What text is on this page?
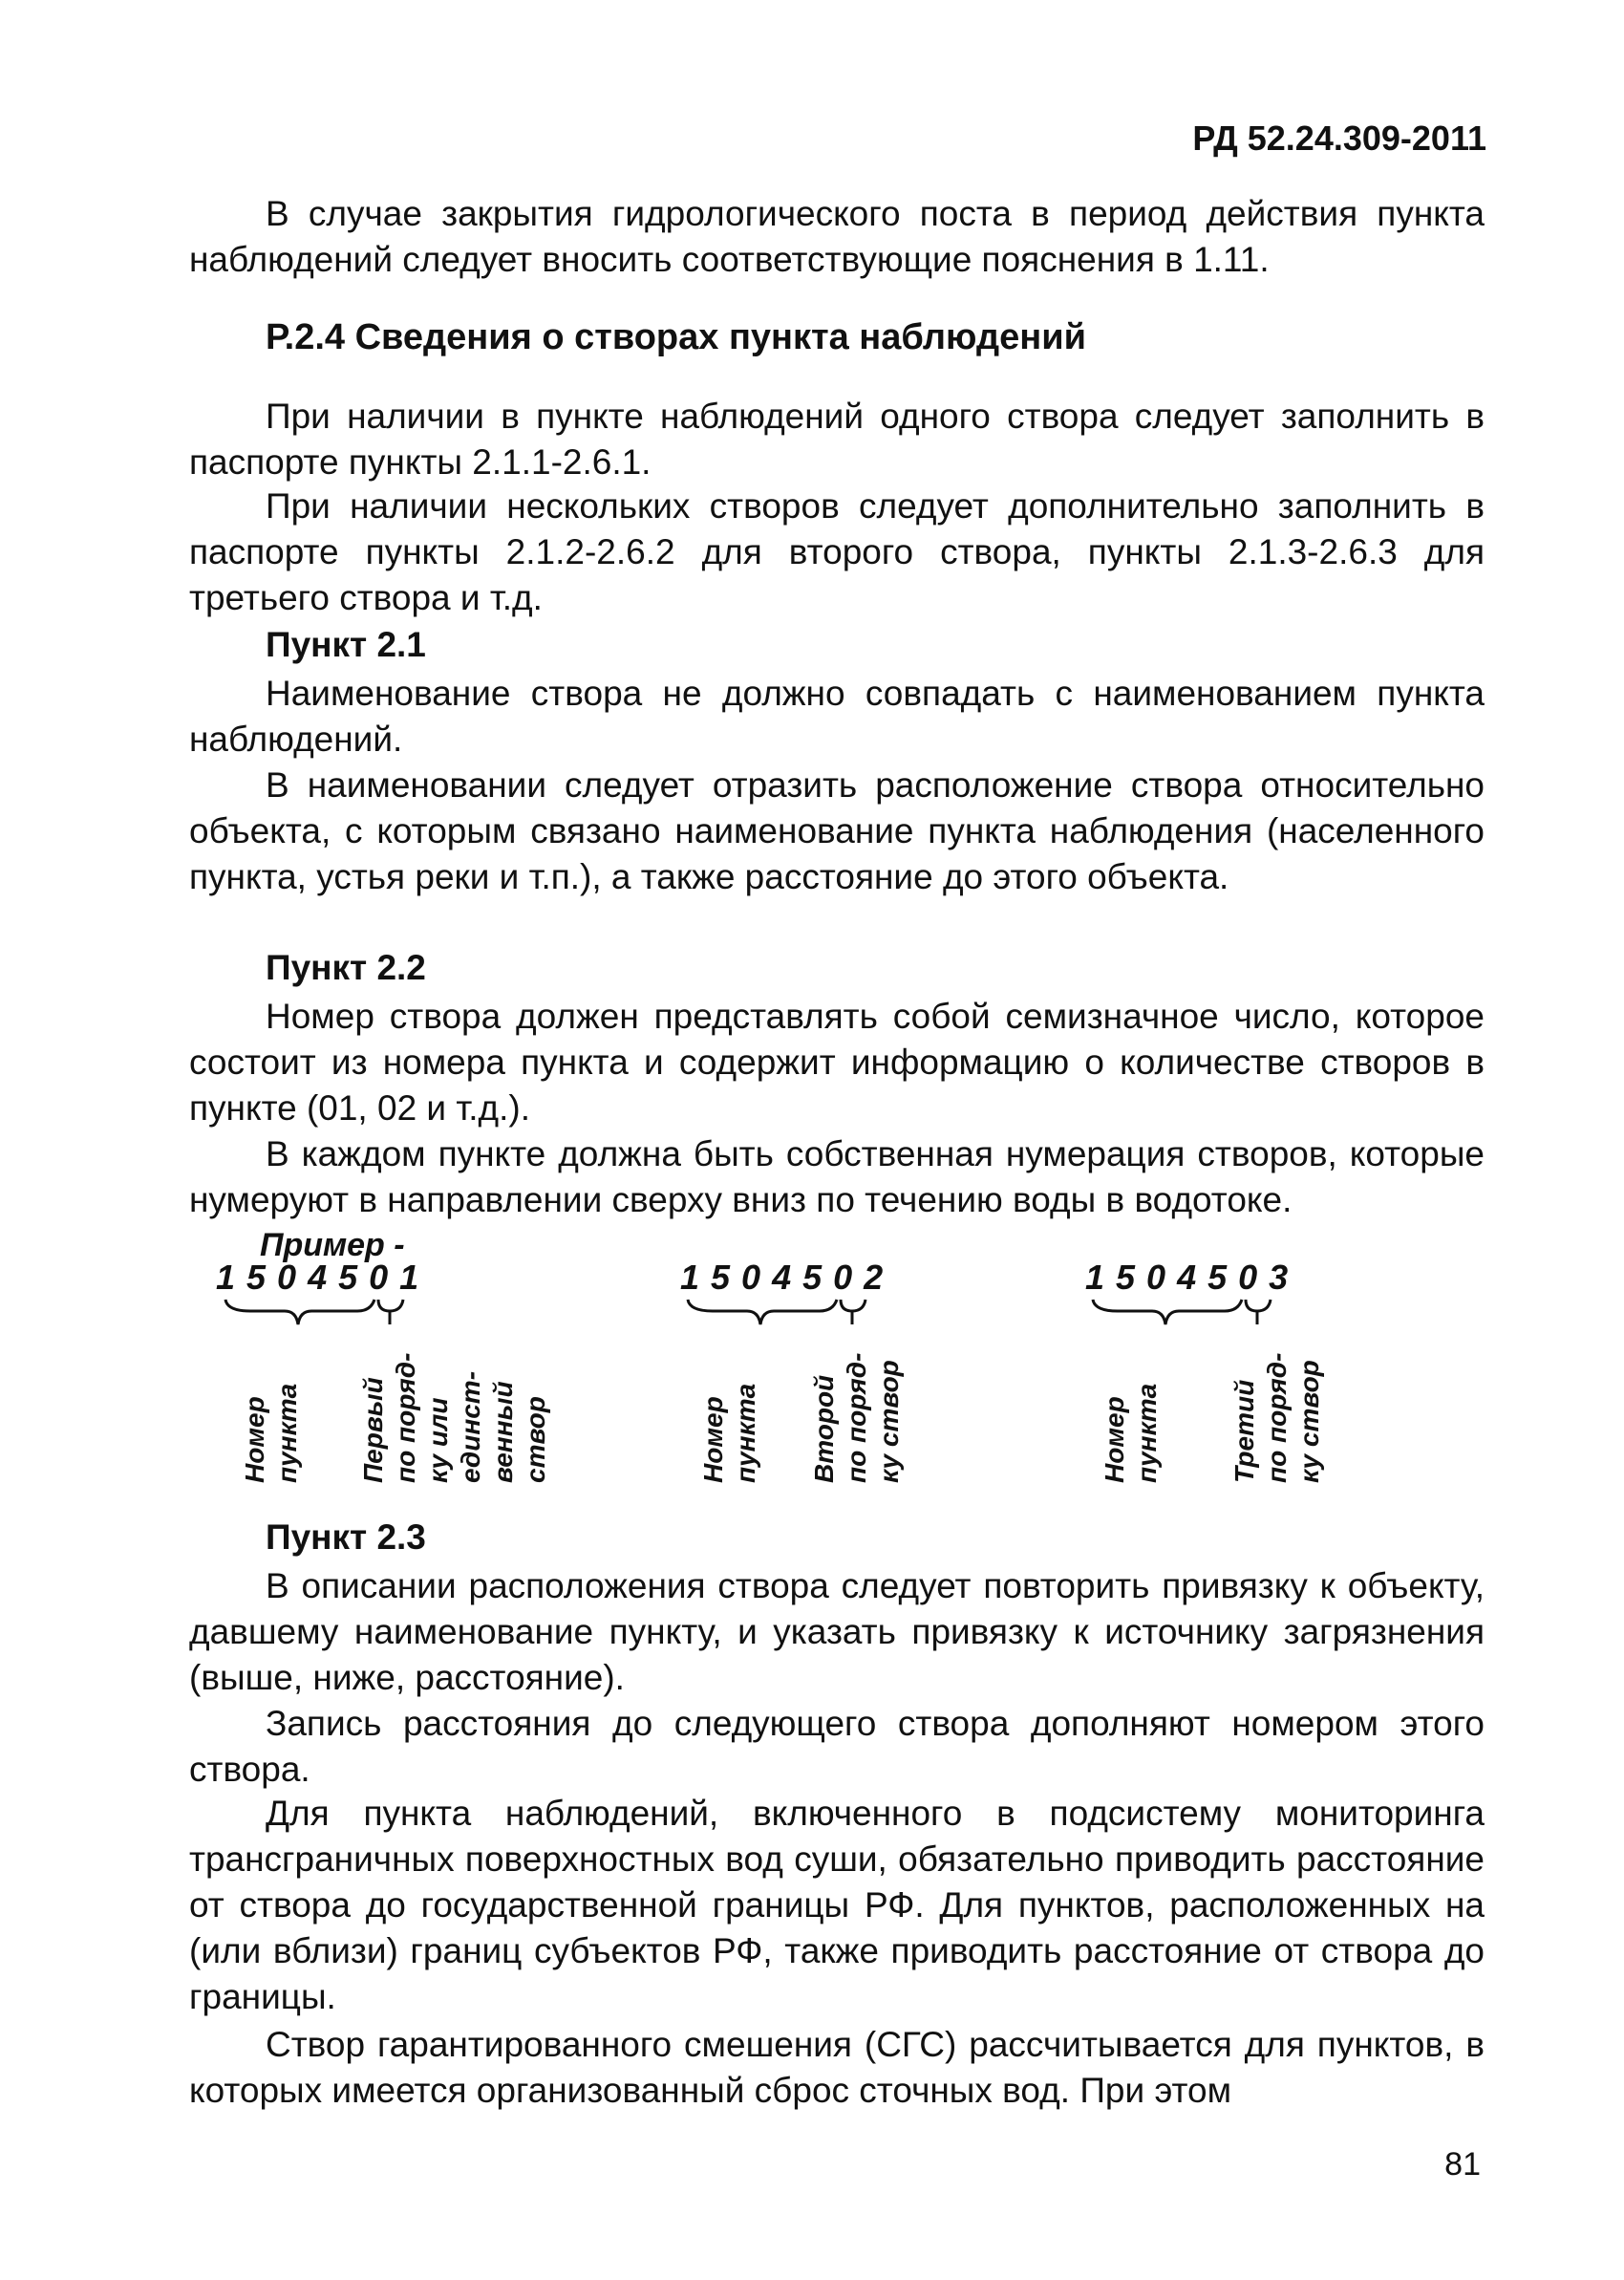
РД 52.24.309-2011

В случае закрытия гидрологического поста в период действия пункта наблюдений следует вносить соответствующие пояснения в 1.11.

Р.2.4 Сведения о створах пункта наблюдений

При наличии в пункте наблюдений одного створа следует заполнить в паспорте пункты 2.1.1-2.6.1.

При наличии нескольких створов следует дополнительно заполнить в паспорте пункты 2.1.2-2.6.2 для второго створа, пункты 2.1.3-2.6.3 для третьего створа и т.д.

Пункт 2.1

Наименование створа не должно совпадать с наименованием пункта наблюдений.

В наименовании следует отразить расположение створа относительно объекта, с которым связано наименование пункта наблюдения (населенного пункта, устья реки и т.п.), а также расстояние до этого объекта.

Пункт 2.2

Номер створа должен представлять собой семизначное число, которое состоит из номера пункта и содержит информацию о количестве створов в пункте (01, 02 и т.д.).

В каждом пункте должна быть собственная нумерация створов, которые нумеруют в направлении сверху вниз по течению воды в водотоке.

Пример -
1504501
Номер пункта Первый по поряд- ку или единст- венный створ
1504502
Номер пункта Второй по поряд- ку створ
1504503
Номер пункта	Третий по поряд- ку створ

Пункт 2.3

В описании расположения створа следует повторить привязку к объекту, давшему наименование пункту, и указать привязку к источнику загрязнения (выше, ниже, расстояние).

Запись расстояния до следующего створа дополняют номером этого створа.

Для пункта наблюдений, включенного в подсистему мониторинга трансграничных поверхностных вод суши, обязательно приводить расстояние от створа до государственной границы РФ. Для пунктов, расположенных на (или вблизи) границ субъектов РФ, также приводить расстояние от створа до границы.

Створ гарантированного смешения (СГС) рассчитывается для пунктов, в которых имеется организованный сброс сточных вод. При этом

81
